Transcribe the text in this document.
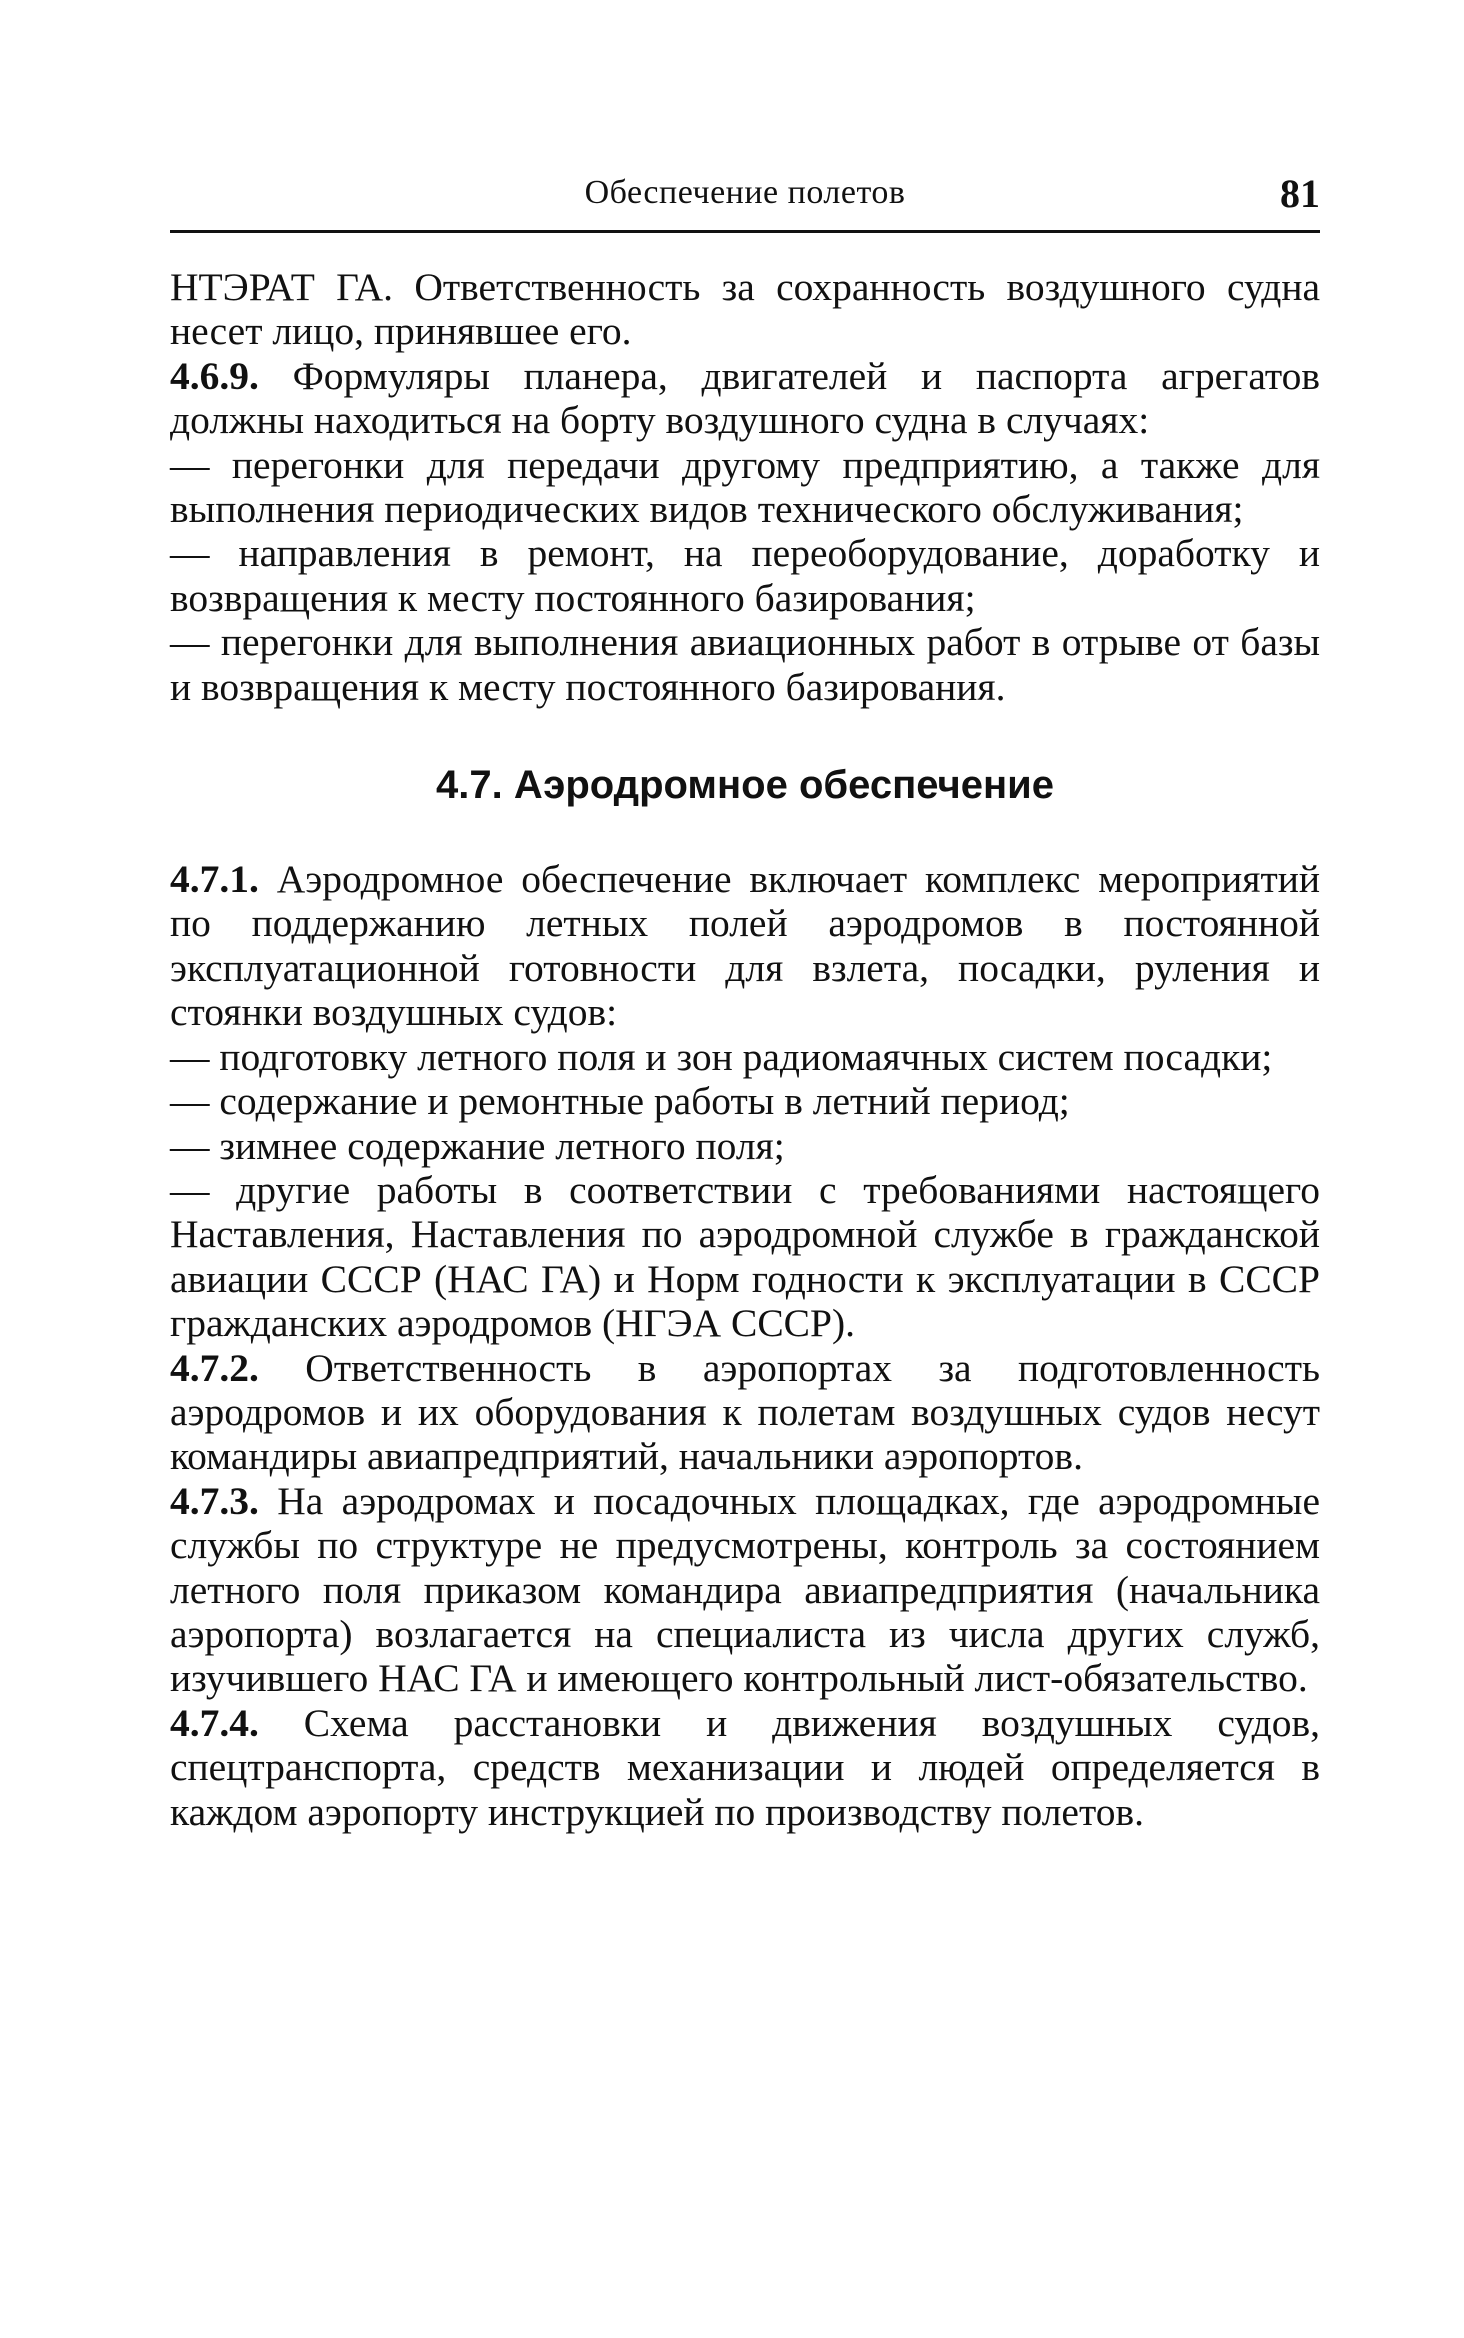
Обеспечение полетов	81

НТЭРАТ ГА. Ответственность за сохранность воздушного судна несет лицо, принявшее его.

4.6.9. Формуляры планера, двигателей и паспорта агрегатов должны находиться на борту воздушного судна в случаях:

— перегонки для передачи другому предприятию, а также для выполнения периодических видов технического обслуживания;

— направления в ремонт, на переоборудование, доработку и возвращения к месту постоянного базирования;

— перегонки для выполнения авиационных работ в отрыве от базы и возвращения к месту постоянного базирования.

4.7. Аэродромное обеспечение

4.7.1. Аэродромное обеспечение включает комплекс мероприятий по поддержанию летных полей аэродромов в постоянной эксплуатационной готовности для взлета, посадки, руления и стоянки воздушных судов:

— подготовку летного поля и зон радиомаячных систем посадки;

— содержание и ремонтные работы в летний период;

— зимнее содержание летного поля;

— другие работы в соответствии с требованиями настоящего Наставления, Наставления по аэродромной службе в гражданской авиации СССР (НАС ГА) и Норм годности к эксплуатации в СССР гражданских аэродромов (НГЭА СССР).

4.7.2. Ответственность в аэропортах за подготовленность аэродромов и их оборудования к полетам воздушных судов несут командиры авиапредприятий, начальники аэропортов.

4.7.3. На аэродромах и посадочных площадках, где аэродромные службы по структуре не предусмотрены, контроль за состоянием летного поля приказом командира авиапредприятия (начальника аэропорта) возлагается на специалиста из числа других служб, изучившего НАС ГА и имеющего контрольный лист-обязательство.

4.7.4. Схема расстановки и движения воздушных судов, спецтранспорта, средств механизации и людей определяется в каждом аэропорту инструкцией по производству полетов.
